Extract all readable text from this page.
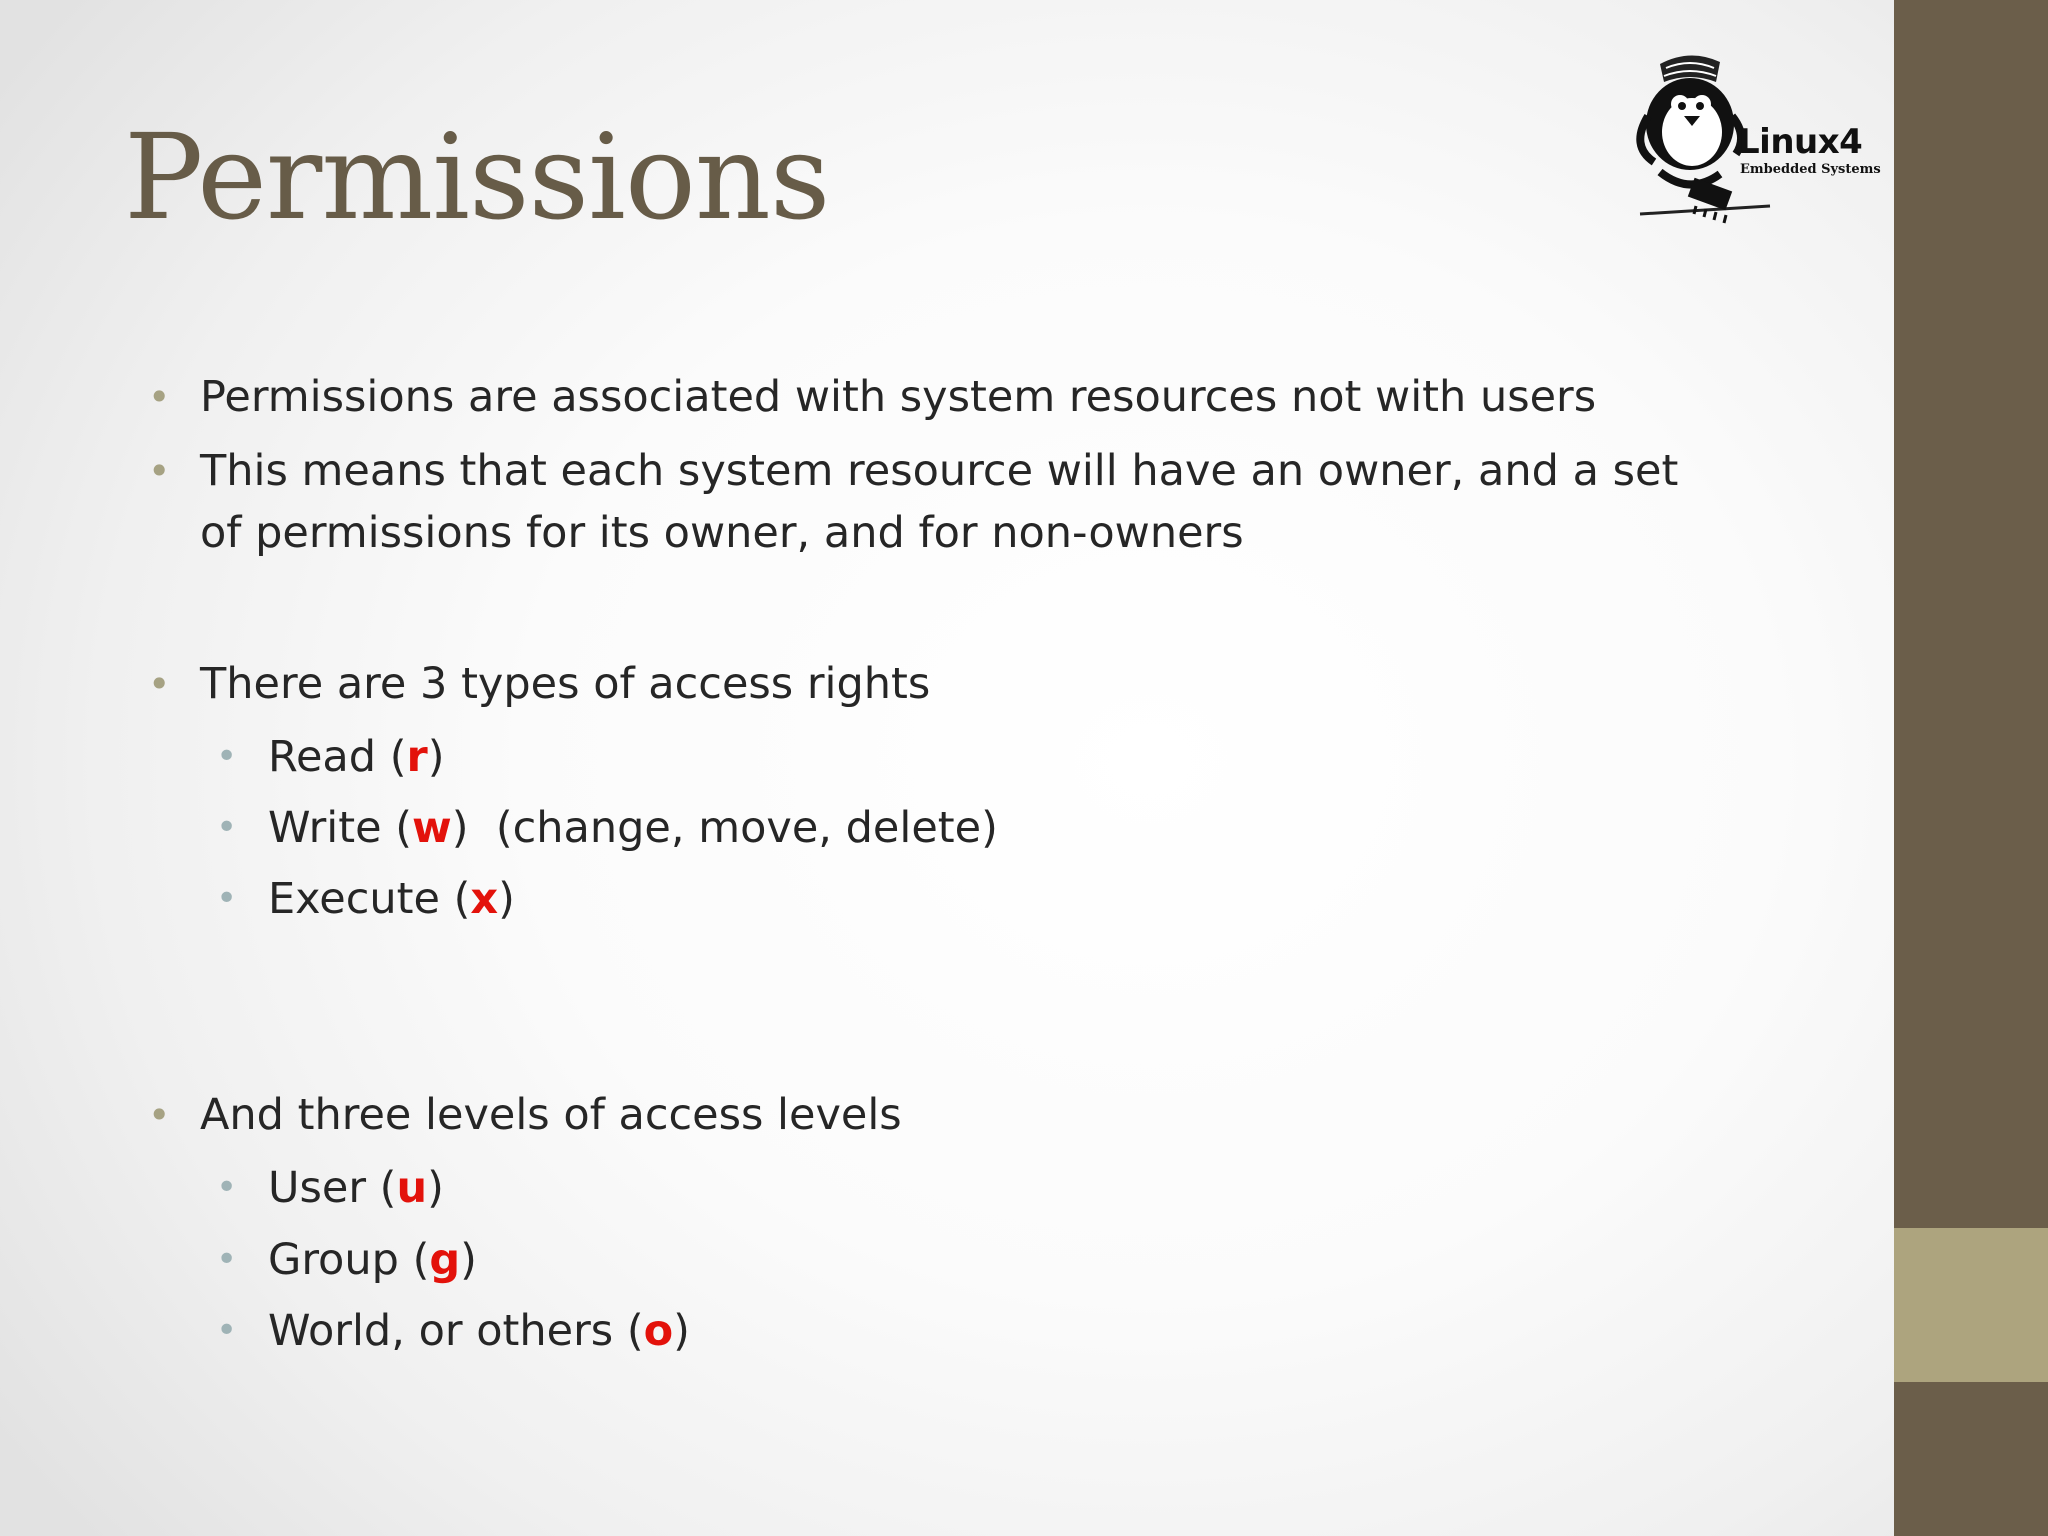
Permissions	Linux4
Embedded Systems
• Permissions are associated with system resources not with users
• This means that each system resource will have an owner, and a set
of permissions for its owner, and for non-owners
• There are 3 types of access rights
• Read (r)
• Write (w)  (change, move, delete)
• Execute (x)
• And three levels of access levels
• User (u)
• Group (g)
• World, or others (o)
